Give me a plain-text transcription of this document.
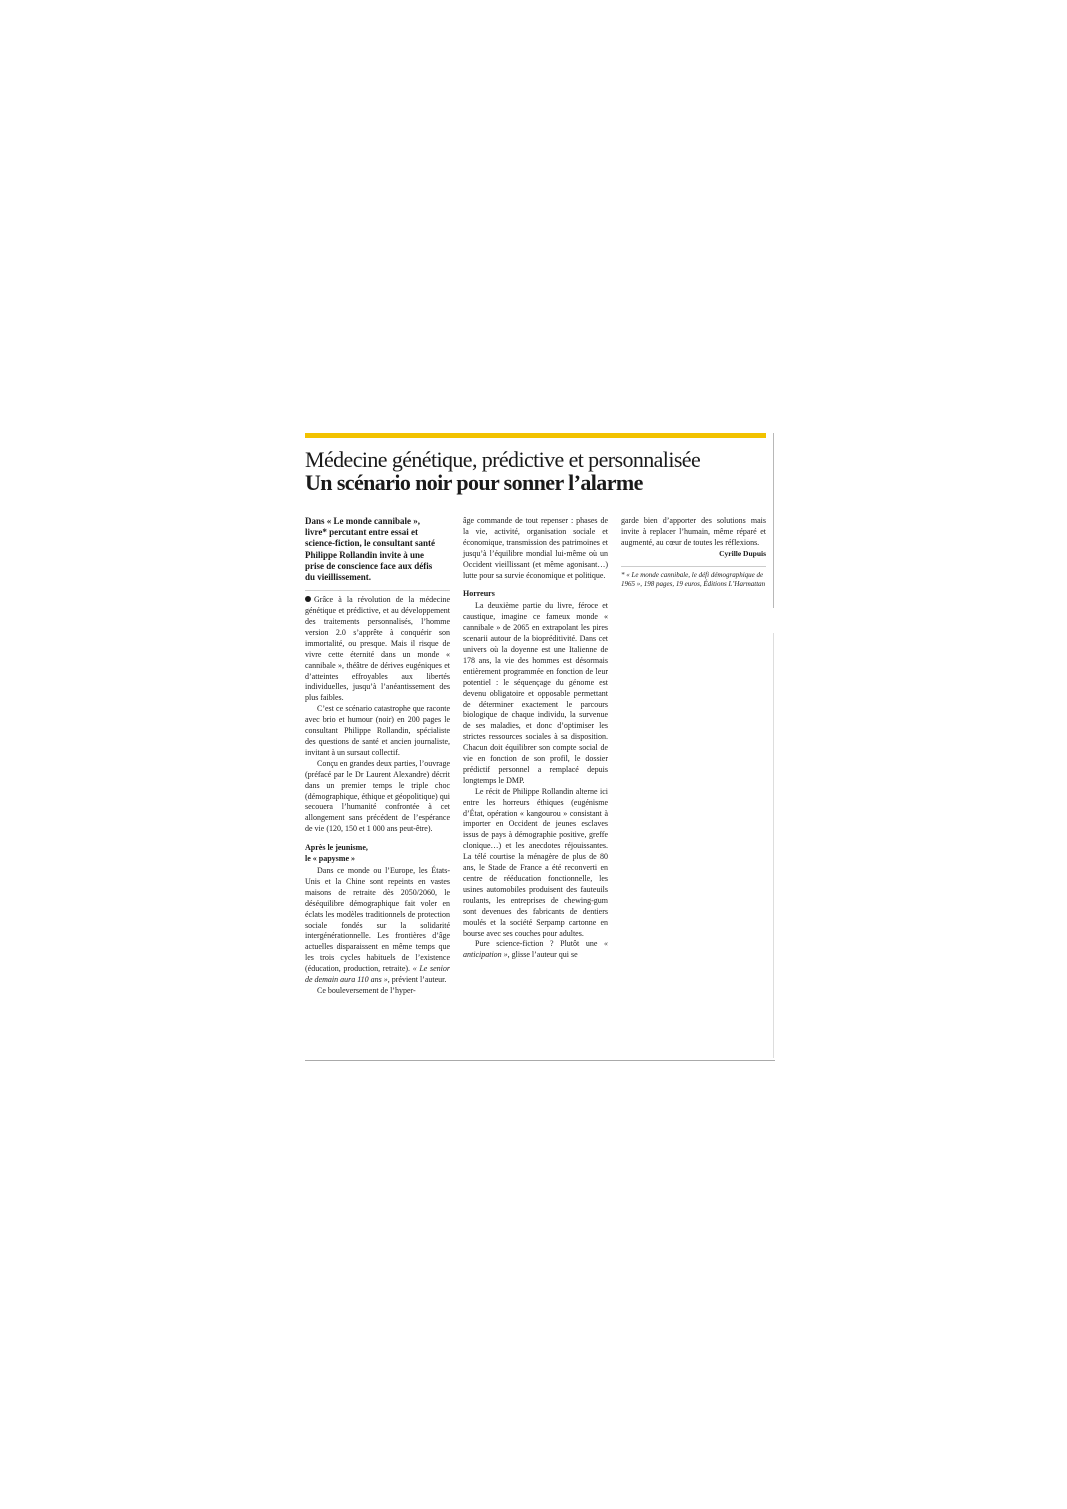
Médecine génétique, prédictive et personnalisée
Un scénario noir pour sonner l’alarme
Dans « Le monde cannibale », livre* percutant entre essai et science-fiction, le consultant santé Philippe Rollandin invite à une prise de conscience face aux défis du vieillissement.

Grâce à la révolution de la médecine génétique et prédictive, et au développement des traitements personnalisés, l’homme version 2.0 s’apprête à conquérir son immortalité, ou presque. Mais il risque de vivre cette éternité dans un monde « cannibale », théâtre de dérives eugéniques et d’atteintes effroyables aux libertés individuelles, jusqu’à l’anéantissement des plus faibles.

C’est ce scénario catastrophe que raconte avec brio et humour (noir) en 200 pages le consultant Philippe Rollandin, spécialiste des questions de santé et ancien journaliste, invitant à un sursaut collectif.

Conçu en grandes deux parties, l’ouvrage (préfacé par le Dr Laurent Alexandre) décrit dans un premier temps le triple choc (démographique, éthique et géopolitique) qui secouera l’humanité confrontée à cet allongement sans précédent de l’espérance de vie (120, 150 et 1 000 ans peut-être).

Après le jeunisme,
le « papysme »

Dans ce monde ou l’Europe, les États-Unis et la Chine sont repeints en vastes maisons de retraite dès 2050/2060, le déséquilibre démographique fait voler en éclats les modèles traditionnels de protection sociale fondés sur la solidarité intergénérationnelle. Les frontières d’âge actuelles disparaissent en même temps que les trois cycles habituels de l’existence (éducation, production, retraite). « Le senior de demain aura 110 ans », prévient l’auteur.

Ce bouleversement de l’hyper-

âge commande de tout repenser : phases de la vie, activité, organisation sociale et économique, transmission des patrimoines et jusqu’à l’équilibre mondial lui-même où un Occident vieillissant (et même agonisant…) lutte pour sa survie économique et politique.

Horreurs

La deuxième partie du livre, féroce et caustique, imagine ce fameux monde « cannibale » de 2065 en extrapolant les pires scenarii autour de la biopréditivité. Dans cet univers où la doyenne est une Italienne de 178 ans, la vie des hommes est désormais entièrement programmée en fonction de leur potentiel : le séquençage du génome est devenu obligatoire et opposable permettant de déterminer exactement le parcours biologique de chaque individu, la survenue de ses maladies, et donc d’optimiser les strictes ressources sociales à sa disposition. Chacun doit équilibrer son compte social de vie en fonction de son profil, le dossier prédictif personnel a remplacé depuis longtemps le DMP.

Le récit de Philippe Rollandin alterne ici entre les horreurs éthiques (eugénisme d’État, opération « kangourou » consistant à importer en Occident de jeunes esclaves issus de pays à démographie positive, greffe clonique…) et les anecdotes réjouissantes. La télé courtise la ménagère de plus de 80 ans, le Stade de France a été reconverti en centre de rééducation fonctionnelle, les usines automobiles produisent des fauteuils roulants, les entreprises de chewing-gum sont devenues des fabricants de dentiers moulés et la société Serpamp cartonne en bourse avec ses couches pour adultes.

Pure science-fiction ? Plutôt une « anticipation », glisse l’auteur qui se

garde bien d’apporter des solutions mais invite à replacer l’humain, même réparé et augmenté, au cœur de toutes les réflexions.

Cyrille Dupuis
* « Le monde cannibale, le défi démographique de 1965 », 198 pages, 19 euros, Éditions L’Harmattan
